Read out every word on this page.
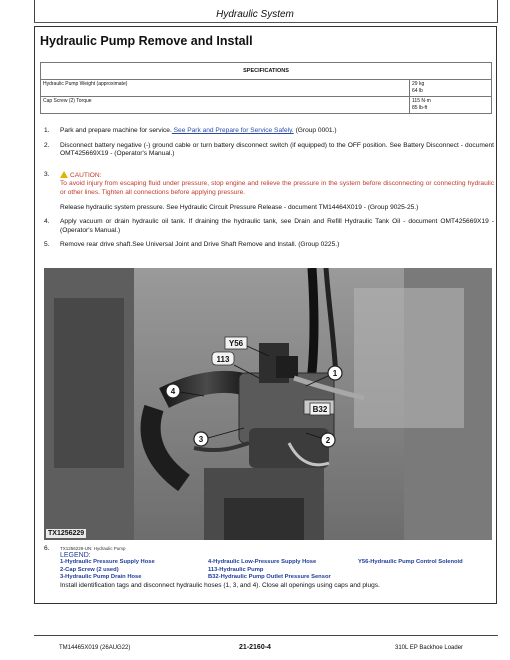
Hydraulic System
Hydraulic Pump Remove and Install
SPECIFICATIONS	
Hydraulic Pump Weight (approximate)	29 kg
64 lb

Cap Screw (2) Torque	115 N·m
85 lb-ft
1. Park and prepare machine for service. See Park and Prepare for Service Safely. (Group 0001.)
2. Disconnect battery negative (-) ground cable or turn battery disconnect switch (if equipped) to the OFF position. See Battery Disconnect - document OMT425669X19 - (Operator's Manual.)
3.	CAUTION:
To avoid injury from escaping fluid under pressure, stop engine and relieve the pressure in the system before disconnecting or connecting hydraulic or other lines. Tighten all connections before applying pressure.
Release hydraulic system pressure. See Hydraulic Circuit Pressure Release - document TM14464X019 - (Group 9025-25.)
4. Apply vacuum or drain hydraulic oil tank. If draining the hydraulic tank, see Drain and Refill Hydraulic Tank Oil - document OMT425669X19 - (Operator's Manual.)
5. Remove rear drive shaft.See Universal Joint and Drive Shaft Remove and Install. (Group 0225.)
1
2
3
4
113
Y56
B32
TX1256229
6. TX1256229-UN: Hydraulic Pump
LEGEND:
1-Hydraulic Pressure Supply Hose	4-Hydraulic Low-Pressure Supply Hose	Y56-Hydraulic Pump Control Solenoid
2-Cap Screw (2 used)	113-Hydraulic Pump
3-Hydraulic Pump Drain Hose	B32-Hydraulic Pump Outlet Pressure Sensor
Install identification tags and disconnect hydraulic hoses (1, 3, and 4). Close all openings using caps and plugs.
TM14465X019 (26AUG22)	21-2160-4	310L EP Backhoe Loader
